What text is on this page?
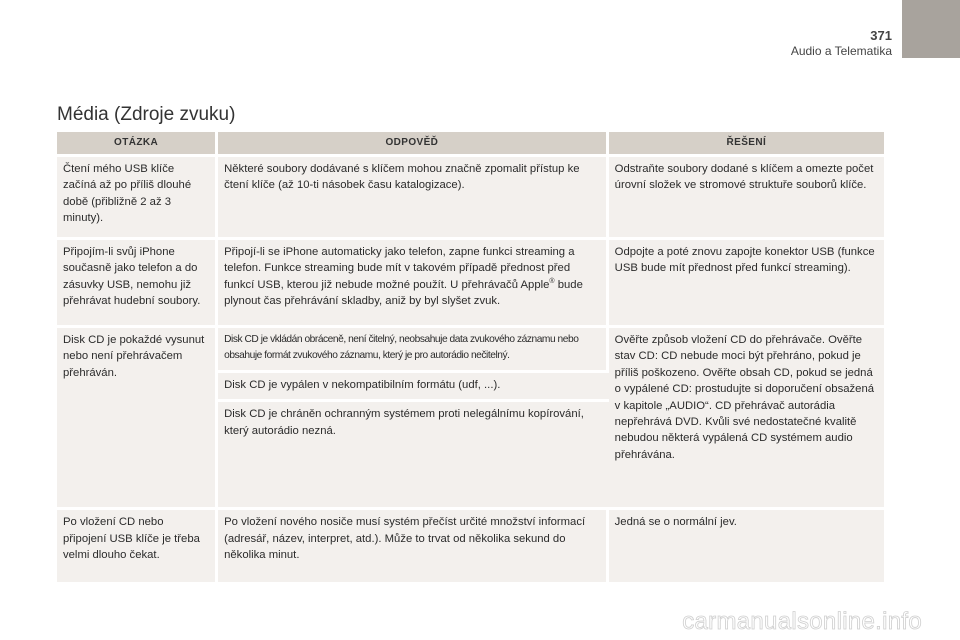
371
Audio a Telematika
Média (Zdroje zvuku)
OTÁZKA	ODPOVĚĎ	ŘEŠENÍ
Čtení mého USB klíče začíná až po příliš dlouhé době (přibližně 2 až 3 minuty).	Některé soubory dodávané s klíčem mohou značně zpomalit přístup ke čtení klíče (až 10-ti násobek času katalogizace).	Odstraňte soubory dodané s klíčem a omezte počet úrovní složek ve stromové struktuře souborů klíče.
Připojím-li svůj iPhone současně jako telefon a do zásuvky USB, nemohu již přehrávat hudební soubory.	Připojí-li se iPhone automaticky jako telefon, zapne funkci streaming a telefon. Funkce streaming bude mít v takovém případě přednost před funkcí USB, kterou již nebude možné použít. U přehrávačů Apple® bude plynout čas přehrávání skladby, aniž by byl slyšet zvuk.	Odpojte a poté znovu zapojte konektor USB (funkce USB bude mít přednost před funkcí streaming).
Disk CD je pokaždé vysunut nebo není přehrávačem přehráván.	Disk CD je vkládán obráceně, není čitelný, neobsahuje data zvukového záznamu nebo obsahuje formát zvukového záznamu, který je pro autorádio nečitelný.	Ověřte způsob vložení CD do přehrávače. Ověřte stav CD: CD nebude moci být přehráno, pokud je příliš poškozeno. Ověřte obsah CD, pokud se jedná o vypálené CD: prostudujte si doporučení obsažená v kapitole „AUDIO“. CD přehrávač autorádia nepřehrává DVD. Kvůli své nedostatečné kvalitě nebudou některá vypálená CD systémem audio přehrávána.
	Disk CD je vypálen v nekompatibilním formátu (udf, ...).	
	Disk CD je chráněn ochranným systémem proti nelegálnímu kopírování, který autorádio nezná.	
Po vložení CD nebo připojení USB klíče je třeba velmi dlouho čekat.	Po vložení nového nosiče musí systém přečíst určité množství informací (adresář, název, interpret, atd.). Může to trvat od několika sekund do několika minut.	Jedná se o normální jev.
carmanualsonline.info
